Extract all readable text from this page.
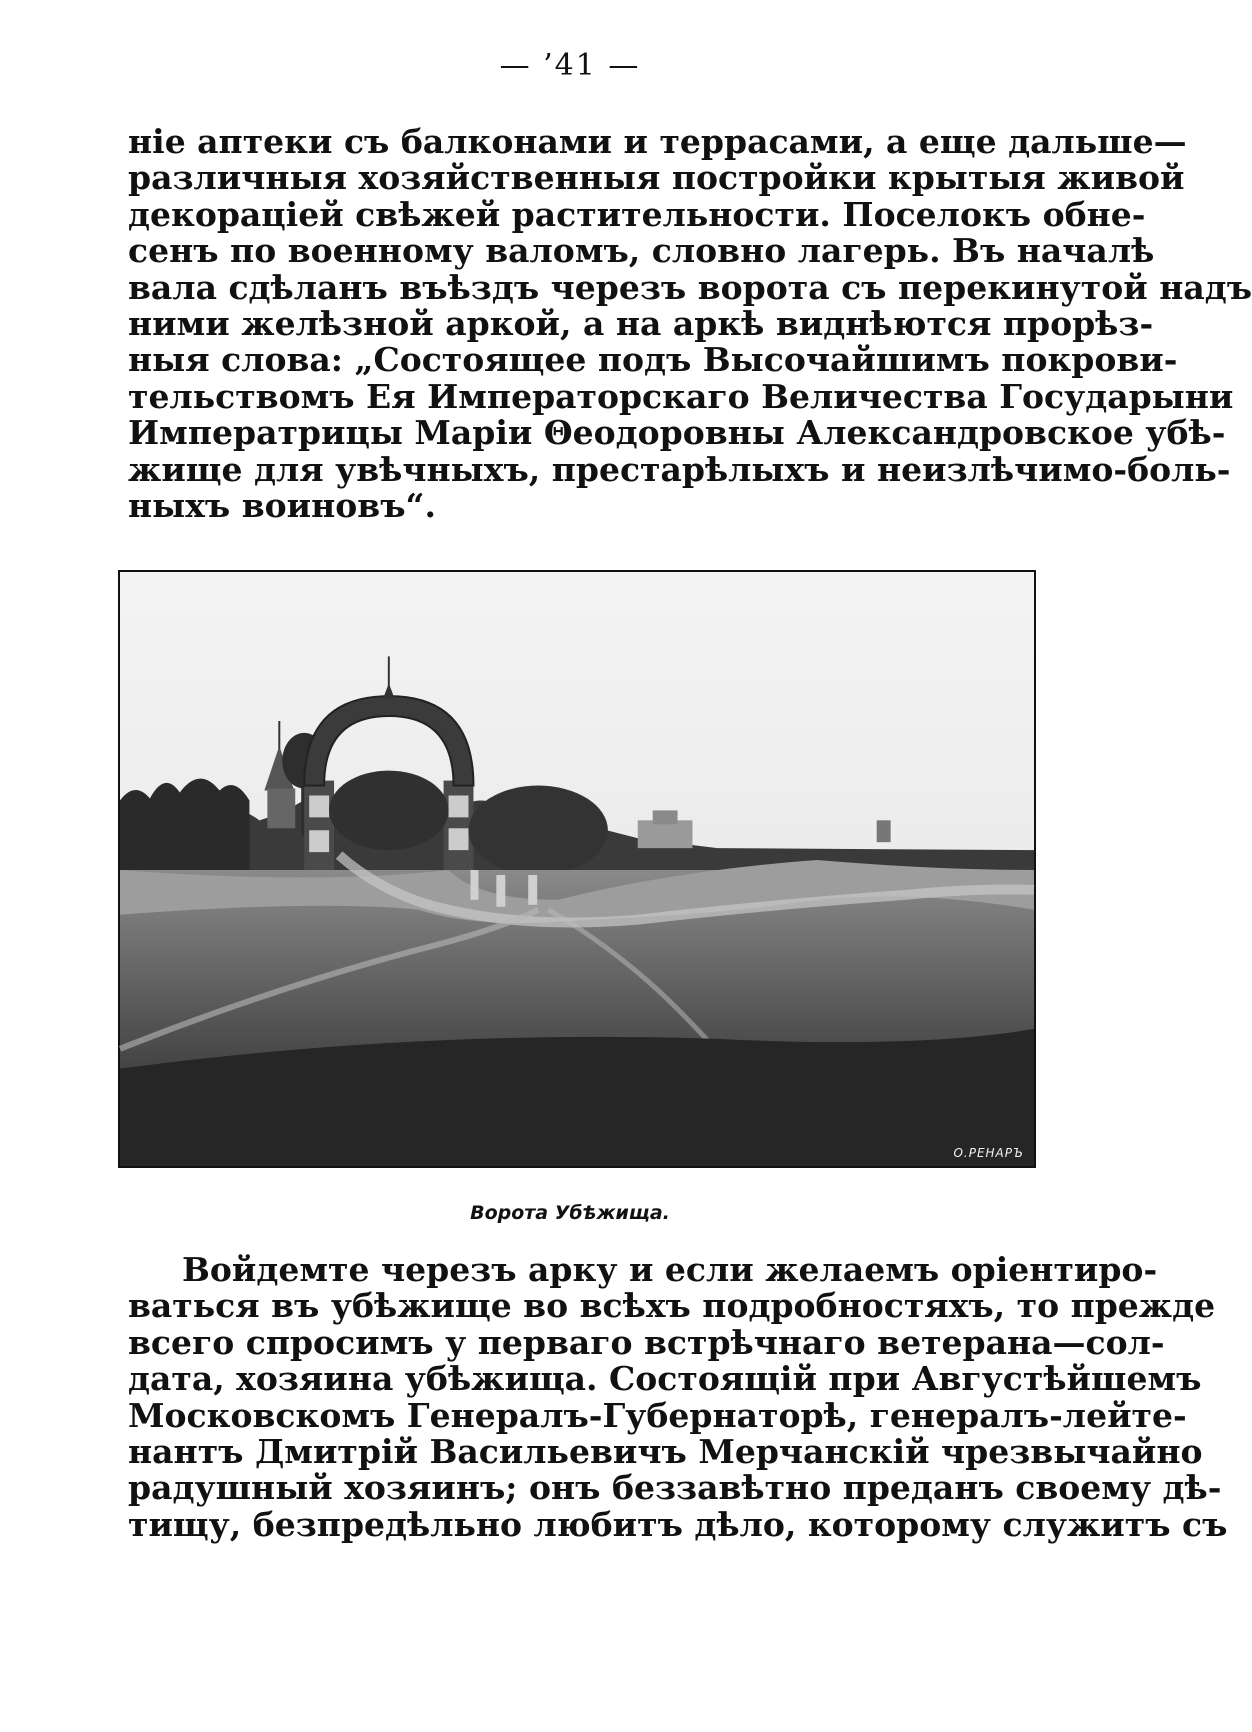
— ’41 —
ніе аптеки съ балконами и террасами, а еще дальше—
различныя хозяйственныя постройки крытыя живой
декораціей свѣжей растительности. Поселокъ обне-
сенъ по военному валомъ, словно лагерь. Въ началѣ
вала сдѣланъ въѣздъ черезъ ворота съ перекинутой надъ
ними желѣзной аркой, а на аркѣ виднѣются прорѣз-
ныя слова: „Состоящее подъ Высочайшимъ покрови-
тельствомъ Ея Императорскаго Величества Государыни
Императрицы Маріи Θеодоровны Александровское убѣ-
жище для увѣчныхъ, престарѣлыхъ и неизлѣчимо-боль-
ныхъ воиновъ“.
О.РЕНАРЪ
Ворота Убѣжища.
Войдемте черезъ арку и если желаемъ оріентиро-
ваться въ убѣжище во всѣхъ подробностяхъ, то прежде
всего спросимъ у перваго встрѣчнаго ветерана—сол-
дата, хозяина убѣжища. Состоящій при Августѣйшемъ
Московскомъ Генералъ-Губернаторѣ, генералъ-лейте-
нантъ Дмитрій Васильевичъ Мерчанскій чрезвычайно
радушный хозяинъ; онъ беззавѣтно преданъ своему дѣ-
тищу, безпредѣльно любитъ дѣло, которому служитъ съ
